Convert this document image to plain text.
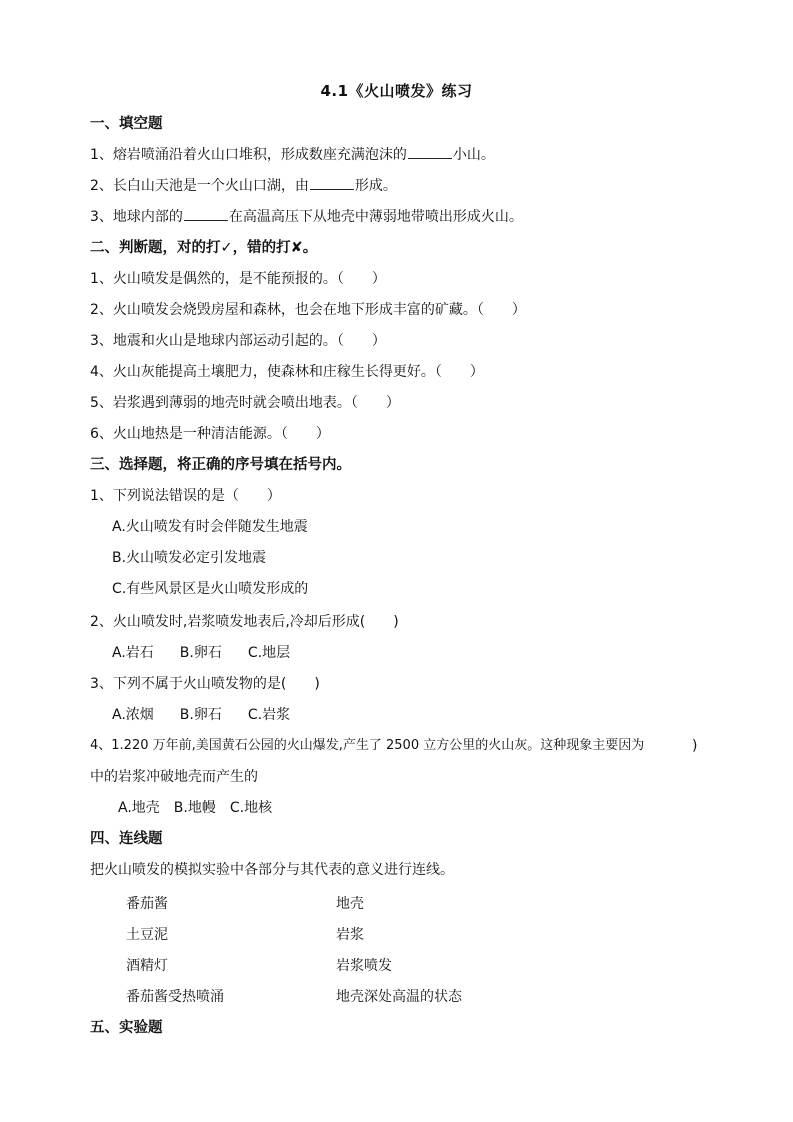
4.1《火山喷发》练习
一、填空题
1、熔岩喷涌沿着火山口堆积，形成数座充满泡沫的	小山。
2、长白山天池是一个火山口湖，由	形成。
3、地球内部的	在高温高压下从地壳中薄弱地带喷出形成火山。
二、判断题，对的打✓，错的打✘。
1、火山喷发是偶然的，是不能预报的。（　　）
2、火山喷发会烧毁房屋和森林，也会在地下形成丰富的矿藏。（　　）
3、地震和火山是地球内部运动引起的。（　　）
4、火山灰能提高土壤肥力，使森林和庄稼生长得更好。（　　）
5、岩浆遇到薄弱的地壳时就会喷出地表。（　　）
6、火山地热是一种清洁能源。（　　）
三、选择题，将正确的序号填在括号内。
1、下列说法错误的是（　　）
A.火山喷发有时会伴随发生地震
B.火山喷发必定引发地震
C.有些风景区是火山喷发形成的
2、火山喷发时,岩浆喷发地表后,冷却后形成(　　)
A.岩石 B.卵石 C.地层
3、下列不属于火山喷发物的是(　　)
A.浓烟 B.卵石 C.岩浆
4、1.220 万年前,美国黄石公园的火山爆发,产生了 2500 立方公里的火山灰。这种现象主要因为	)
中的岩浆冲破地壳而产生的
A.地壳 B.地幔 C.地核
四、连线题
把火山喷发的模拟实验中各部分与其代表的意义进行连线。
番茄酱	地壳
土豆泥	岩浆
酒精灯	岩浆喷发
番茄酱受热喷涌	地壳深处高温的状态
五、实验题
